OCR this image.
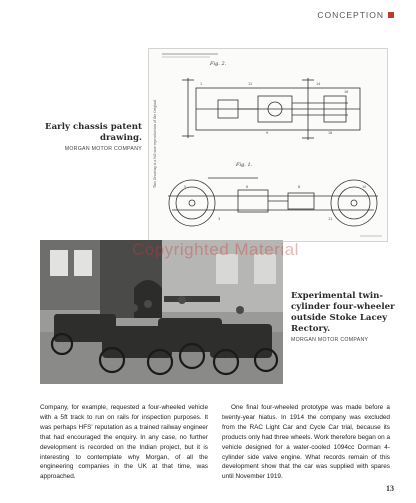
CONCEPTION
Fig. 2.
Fig. 1.
1	12	14
16
9	18
5	6	8	10
3	11
This Drawing is a full size reproduction of the Original
Early chassis patent drawing.
MORGAN MOTOR COMPANY
Copyrighted Material
Experimental twin-cylinder four-wheeler outside Stoke Lacey Rectory.
MORGAN MOTOR COMPANY
Company, for example, requested a four-wheeled vehicle with a 5ft track to run on rails for inspection purposes. It was perhaps HFS' reputation as a trained railway engineer that had encouraged the enquiry. In any case, no further development is recorded on the Indian project, but it is interesting to contemplate why Morgan, of all the engineering companies in the UK at that time, was approached.
One final four-wheeled prototype was made before a twenty-year hiatus. In 1914 the company was excluded from the RAC Light Car and Cycle Car trial, because its products only had three wheels. Work therefore began on a vehicle designed for a water-cooled 1094cc Dorman 4-cylinder side valve engine. What records remain of this development show that the car was supplied with spares until November 1919.
13
